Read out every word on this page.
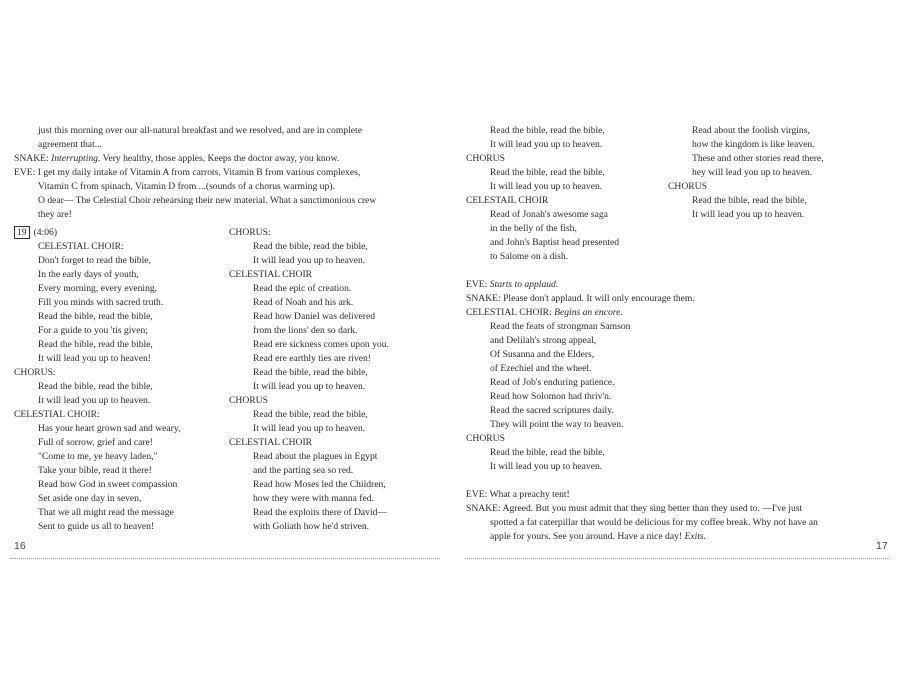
just this morning over our all-natural breakfast and we resolved, and are in complete
agreement that...
SNAKE: Interrupting. Very healthy, those apples. Keeps the doctor away, you know.
EVE: I get my daily intake of Vitamin A from carrots, Vitamin B from various complexes,
Vitamin C from spinach, Vitamin D from ...(sounds of a chorus warming up).
O dear— The Celestial Choir rehearsing their new material. What a sanctimonious crew
they are!
19 (4:06)
CELESTIAL CHOIR:
Don't forget to read the bible,
In the early days of youth,
Every morning, every evening,
Fill you minds with sacred truth.
Read the bible, read the bible,
For a guide to you 'tis given;
Read the bible, read the bible,
It will lead you up to heaven!
CHORUS:
Read the bible, read the bible,
It will lead you up to heaven.
CELESTIAL CHOIR:
Has your heart grown sad and weary,
Full of sorrow, grief and care!
"Come to me, ye heavy laden,"
Take your bible, read it there!
Read how God in sweet compassion
Set aside one day in seven,
That we all might read the message
Sent to guide us all to heaven!
CHORUS:
Read the bible, read the bible,
It will lead you up to heaven.
CELESTIAL CHOIR
Read the epic of creation.
Read of Noah and his ark.
Read how Daniel was delivered
from the lions' den so dark.
Read ere sickness comes upon you.
Read ere earthly ties are riven!
Read the bible, read the bible,
It will lead you up to heaven.
CHORUS
Read the bible, read the bible,
It will lead you up to heaven.
CELESTIAL CHOIR
Read about the plagues in Egypt
and the parting sea so red.
Read how Moses led the Children,
how they were with manna fed.
Read the exploits there of David—
with Goliath how he'd striven.
16
Read the bible, read the bible,
It will lead you up to heaven.
CHORUS
Read the bible, read the bible,
It will lead you up to heaven.
CELESTAIL CHOIR
Read of Jonah's awesome saga
in the belly of the fish,
and John's Baptist head presented
to Salome on a dish.
Read about the foolish virgins,
how the kingdom is like leaven.
These and other stories read there,
hey will lead you up to heaven.
CHORUS
Read the bible, read the bible,
It will lead you up to heaven.
EVE: Starts to applaud.
SNAKE: Please don't applaud. It will only encourage them.
CELESTIAL CHOIR: Begins an encore.
Read the feats of strongman Samson
and Delilah's strong appeal,
Of Susanna and the Elders,
of Ezechiel and the wheel.
Read of Job's enduring patience.
Read how Solomon had thriv'n.
Read the sacred scriptures daily.
They will point the way to heaven.
CHORUS
Read the bible, read the bible,
It will lead you up to heaven.
EVE: What a preachy tent!
SNAKE: Agreed. But you must admit that they sing better than they used to. —I've just
spotted a fat caterpillar that would be delicious for my coffee break. Why not have an
apple for yours. See you around. Have a nice day! Exits.
17
